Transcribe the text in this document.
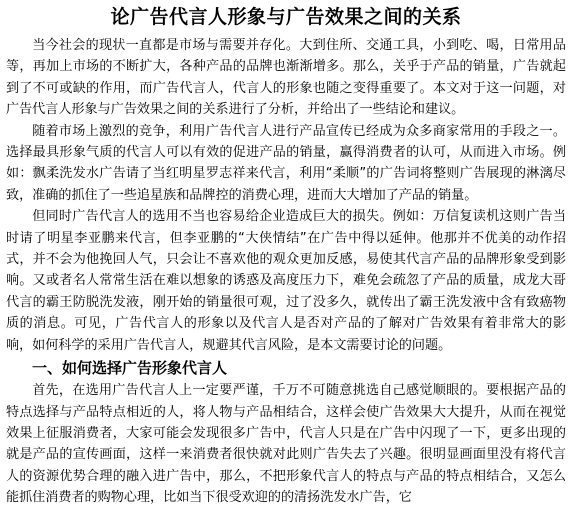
论广告代言人形象与广告效果之间的关系

当今社会的现状一直都是市场与需要并存化。大到住所、交通工具，小到吃、喝，日常用品等，再加上市场的不断扩大，各种产品的品牌也渐渐增多。那么，关乎于产品的销量，广告就起到了不可或缺的作用，而广告代言人，代言人的形象也随之变得重要了。本文对于这一问题，对广告代言人形象与广告效果之间的关系进行了分析，并给出了一些结论和建议。

随着市场上激烈的竞争，利用广告代言人进行产品宣传已经成为众多商家常用的手段之一。选择最具形象气质的代言人可以有效的促进产品的销量，赢得消费者的认可，从而进入市场。例如：飘柔洗发水广告请了当红明星罗志祥来代言，利用“柔顺”的广告词将整则广告展现的淋漓尽致，准确的抓住了一些追星族和品牌控的消费心理，进而大大增加了产品的销量。

但同时广告代言人的选用不当也容易给企业造成巨大的损失。例如：万信复读机这则广告当时请了明星李亚鹏来代言，但李亚鹏的“大侠情结”在广告中得以延伸。他那并不优美的动作招式，并不会为他挽回人气，只会让不喜欢他的观众更加反感，易使其代言产品的品牌形象受到影响。又或者名人常常生活在难以想象的诱惑及高度压力下，难免会疏忽了产品的质量，成龙大哥代言的霸王防脱洗发液，刚开始的销量很可观，过了没多久，就传出了霸王洗发液中含有致癌物质的消息。可见，广告代言人的形象以及代言人是否对产品的了解对广告效果有着非常大的影响，如何科学的采用广告代言人，规避其代言风险，是本文需要讨论的问题。

一、如何选择广告形象代言人

首先，在选用广告代言人上一定要严谨，千万不可随意挑选自己感觉顺眼的。要根据产品的特点选择与产品特点相近的人，将人物与产品相结合，这样会使广告效果大大提升，从而在视觉效果上征服消费者，大家可能会发现很多广告中，代言人只是在广告中闪现了一下，更多出现的就是产品的宣传画面，这样一来消费者很快就对此则广告失去了兴趣。很明显画面里没有将代言人的资源优势合理的融入进广告中，那么，不把形象代言人的特点与产品的特点相结合，又怎么能抓住消费者的购物心理，比如当下很受欢迎的的清扬洗发水广告，它
